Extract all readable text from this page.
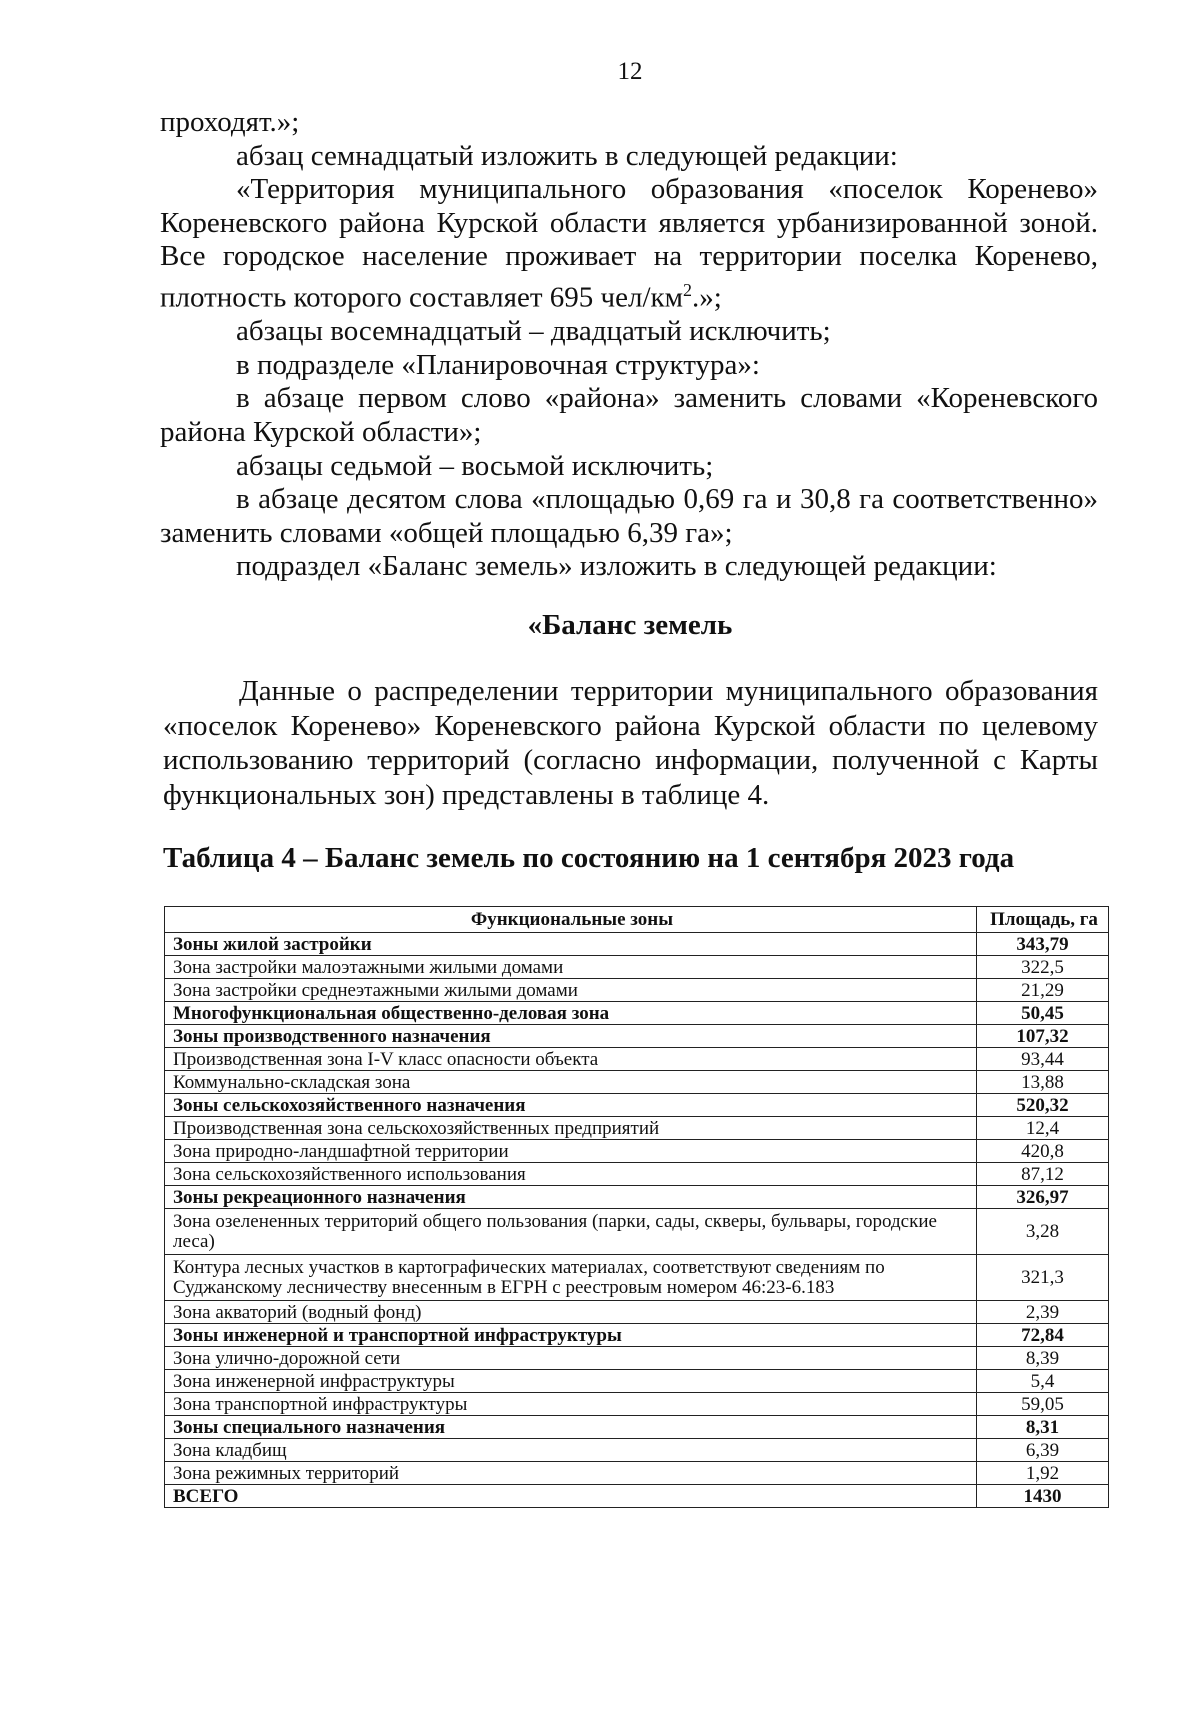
12

проходят.»;

абзац семнадцатый изложить в следующей редакции:

«Территория муниципального образования «поселок Коренево» Кореневского района Курской области является урбанизированной зоной. Все городское население проживает на территории поселка Коренево, плотность которого составляет 695 чел/$км^2$.»;

абзацы восемнадцатый – двадцатый исключить;

в подразделе «Планировочная структура»:

в абзаце первом слово «района» заменить словами «Кореневского района Курской области»;

абзацы седьмой – восьмой исключить;

в абзаце десятом слова «площадью 0,69 га и 30,8 га соответственно» заменить словами «общей площадью 6,39 га»;

подраздел «Баланс земель» изложить в следующей редакции:

«Баланс земель

Данные о распределении территории муниципального образования «поселок Коренево» Кореневского района Курской области по целевому использованию территорий (согласно информации, полученной с Карты функциональных зон) представлены в таблице 4.

Таблица 4 – Баланс земель по состоянию на 1 сентября 2023 года
Функциональные зоны	Площадь, га
Зоны жилой застройки	343,79
Зона застройки малоэтажными жилыми домами	322,5
Зона застройки среднеэтажными жилыми домами	21,29
Многофункциональная общественно-деловая зона	50,45
Зоны производственного назначения	107,32
Производственная зона I-V класс опасности объекта	93,44
Коммунально-складская зона	13,88
Зоны сельскохозяйственного назначения	520,32
Производственная зона сельскохозяйственных предприятий	12,4
Зона природно-ландшафтной территории	420,8
Зона сельскохозяйственного использования	87,12
Зоны рекреационного назначения	326,97
Зона озелененных территорий общего пользования (парки, сады, скверы, бульвары, городские леса)	3,28
Контура лесных участков в картографических материалах, соответствуют сведениям по Суджанскому лесничеству внесенным в ЕГРН с реестровым номером 46:23-6.183	321,3
Зона акваторий (водный фонд)	2,39
Зоны инженерной и транспортной инфраструктуры	72,84
Зона улично-дорожной сети	8,39
Зона инженерной инфраструктуры	5,4
Зона транспортной инфраструктуры	59,05
Зоны специального назначения	8,31
Зона кладбищ	6,39
Зона режимных территорий	1,92
ВСЕГО	1430
